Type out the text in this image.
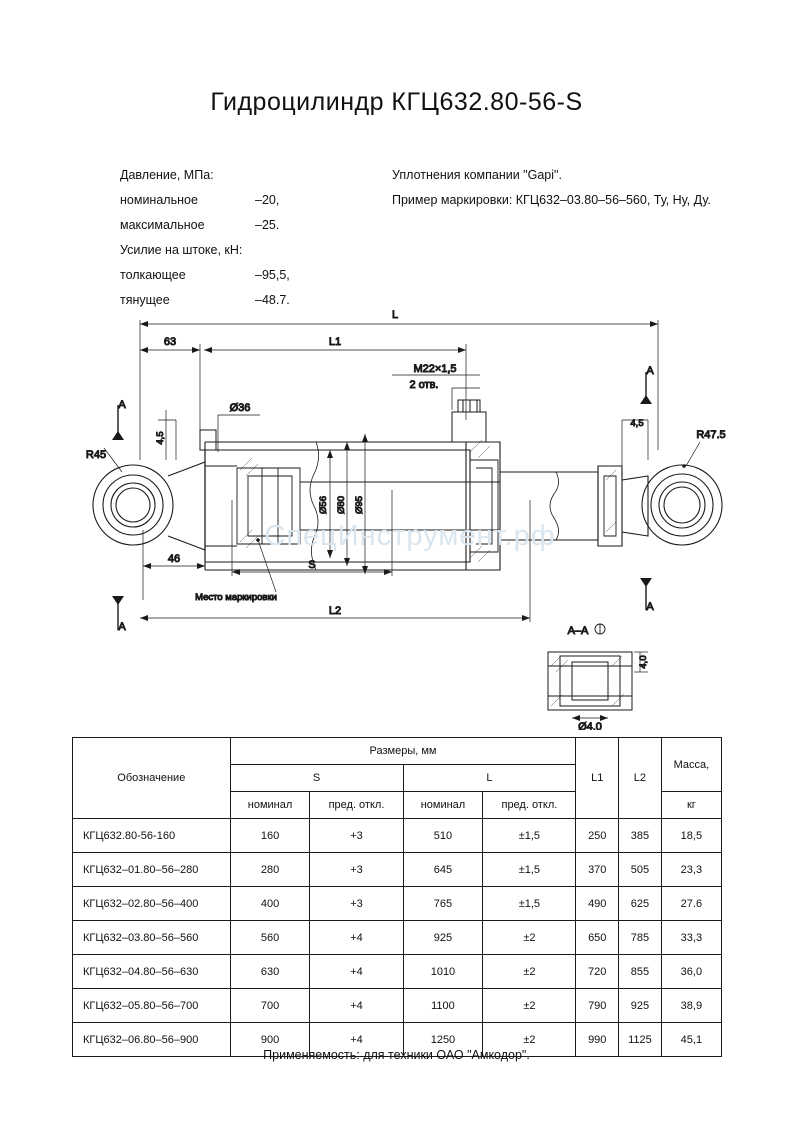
Гидроцилиндр КГЦ632.80-56-S
Давление, МПа:
номинальное	–20,
максимальное	–25.
Усилие на штоке, кН:
толкающее	–95,5,
тянущее	–48.7.
Уплотнения компании "Gapi".
Пример маркировки: КГЦ632–03.80–56–560, Ту, Ну, Ду.
L
63	L1
L2
S
46
4,5
Ø36
Ø56 Ø80 Ø95
M22×1,5
2 отв.
4,5
R45
R47.5
Место маркировки
A
A
A
A
A–A
Ø4.0
4,0
СпецИнструмент.рф
Обозначение	Размеры, мм				L1	L2	Масса,
	S		L				
	номинал	пред. откл.	номинал	пред. откл.			кг
КГЦ632.80-56-160	160	+3	510	±1,5	250	385	18,5
КГЦ632–01.80–56–280	280	+3	645	±1,5	370	505	23,3
КГЦ632–02.80–56–400	400	+3	765	±1,5	490	625	27.6
КГЦ632–03.80–56–560	560	+4	925	±2	650	785	33,3
КГЦ632–04.80–56–630	630	+4	1010	±2	720	855	36,0
КГЦ632–05.80–56–700	700	+4	1100	±2	790	925	38,9
КГЦ632–06.80–56–900	900	+4	1250	±2	990	1125	45,1
Применяемость: для техники ОАО "Амкодор".
